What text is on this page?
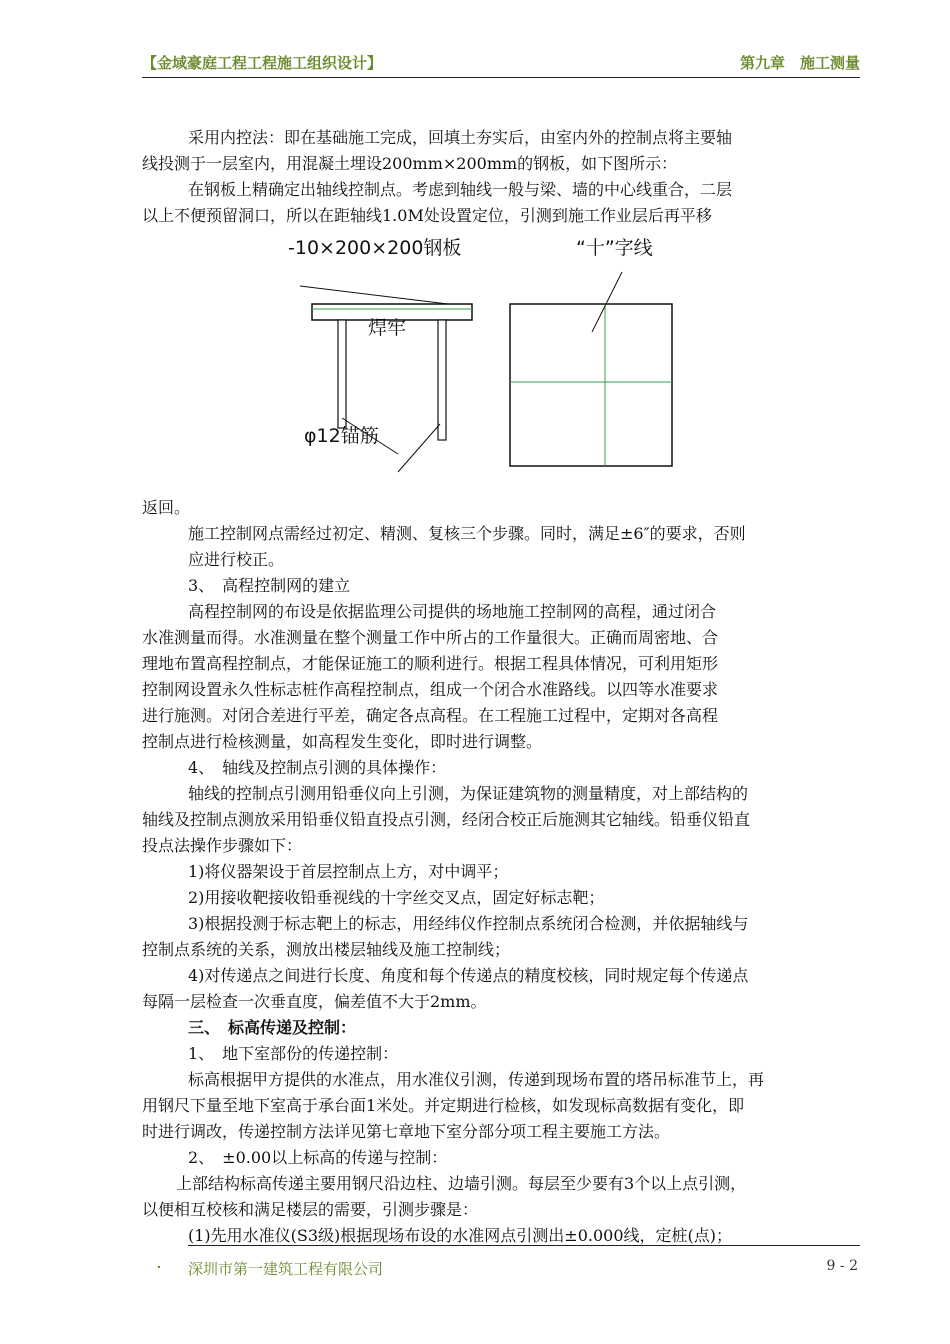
【金域豪庭工程工程施工组织设计】	第九章　施工测量
采用内控法：即在基础施工完成，回填土夯实后，由室内外的控制点将主要轴
线投测于一层室内，用混凝土埋设200mm×200mm的钢板，如下图所示：
在钢板上精确定出轴线控制点。考虑到轴线一般与梁、墙的中心线重合，二层
以上不便预留洞口，所以在距轴线1.0M处设置定位，引测到施工作业层后再平移
-10×200×200钢板	“十”字线
焊牢
φ12锚筋
返回。
施工控制网点需经过初定、精测、复核三个步骤。同时，满足±6″的要求，否则
应进行校正。
3、　高程控制网的建立
高程控制网的布设是依据监理公司提供的场地施工控制网的高程，通过闭合
水准测量而得。水准测量在整个测量工作中所占的工作量很大。正确而周密地、合
理地布置高程控制点，才能保证施工的顺利进行。根据工程具体情况，可利用矩形
控制网设置永久性标志桩作高程控制点，组成一个闭合水准路线。以四等水准要求
进行施测。对闭合差进行平差，确定各点高程。在工程施工过程中，定期对各高程
控制点进行检核测量，如高程发生变化，即时进行调整。
4、　轴线及控制点引测的具体操作：
轴线的控制点引测用铅垂仪向上引测，为保证建筑物的测量精度，对上部结构的
轴线及控制点测放采用铅垂仪铅直投点引测，经闭合校正后施测其它轴线。铅垂仪铅直
投点法操作步骤如下：
1)将仪器架设于首层控制点上方，对中调平；
2)用接收靶接收铅垂视线的十字丝交叉点，固定好标志靶；
3)根据投测于标志靶上的标志，用经纬仪作控制点系统闭合检测，并依据轴线与
控制点系统的关系，测放出楼层轴线及施工控制线；
4)对传递点之间进行长度、角度和每个传递点的精度校核，同时规定每个传递点
每隔一层检查一次垂直度，偏差值不大于2mm。
三、　标高传递及控制：
1、　地下室部份的传递控制：
标高根据甲方提供的水准点，用水准仪引测，传递到现场布置的塔吊标准节上，再
用钢尺下量至地下室高于承台面1米处。并定期进行检核，如发现标高数据有变化，即
时进行调改，传递控制方法详见第七章地下室分部分项工程主要施工方法。
2、　±0.00以上标高的传递与控制：
上部结构标高传递主要用钢尺沿边柱、边墙引测。每层至少要有3个以上点引测，
以便相互校核和满足楼层的需要，引测步骤是：
(1)先用水准仪(S3级)根据现场布设的水准网点引测出±0.000线，定桩(点)；
深圳市第一建筑工程有限公司	9 - 2
